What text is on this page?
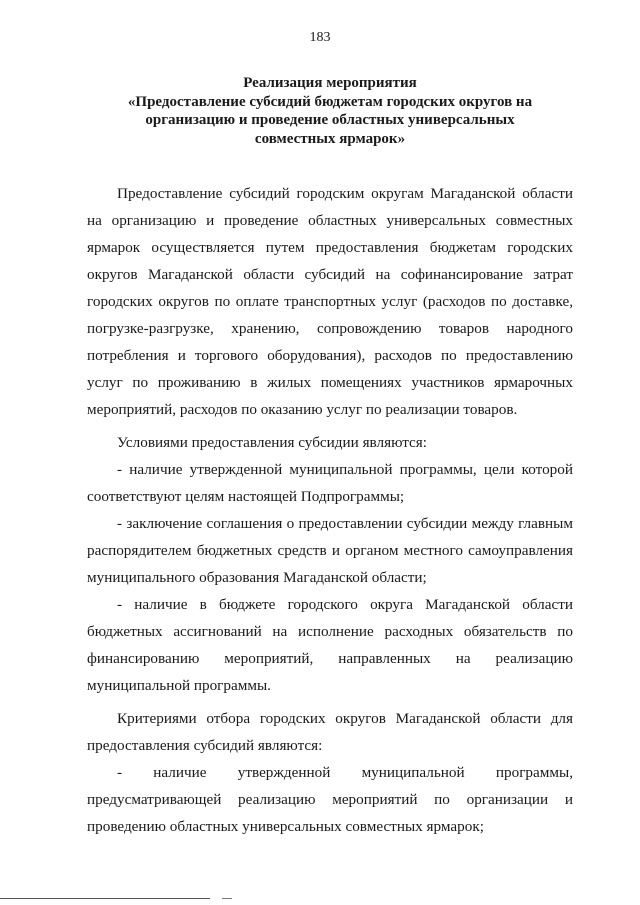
183
Реализация мероприятия
«Предоставление субсидий бюджетам городских округов на
организацию и проведение областных универсальных
совместных ярмарок»

Предоставление субсидий городским округам Магаданской области на организацию и проведение областных универсальных совместных ярмарок осуществляется путем предоставления бюджетам городских округов Магаданской области субсидий на софинансирование затрат городских округов по оплате транспортных услуг (расходов по доставке, погрузке-разгрузке, хранению, сопровождению товаров народного потребления и торгового оборудования), расходов по предоставлению услуг по проживанию в жилых помещениях участников ярмарочных мероприятий, расходов по оказанию услуг по реализации товаров.

Условиями предоставления субсидии являются:

- наличие утвержденной муниципальной программы, цели которой соответствуют целям настоящей Подпрограммы;

- заключение соглашения о предоставлении субсидии между главным распорядителем бюджетных средств и органом местного самоуправления муниципального образования Магаданской области;

- наличие в бюджете городского округа Магаданской области бюджетных ассигнований на исполнение расходных обязательств по финансированию мероприятий, направленных на реализацию муниципальной программы.

Критериями отбора городских округов Магаданской области для предоставления субсидий являются:

- наличие утвержденной муниципальной программы, предусматривающей реализацию мероприятий по организации и проведению областных универсальных совместных ярмарок;
